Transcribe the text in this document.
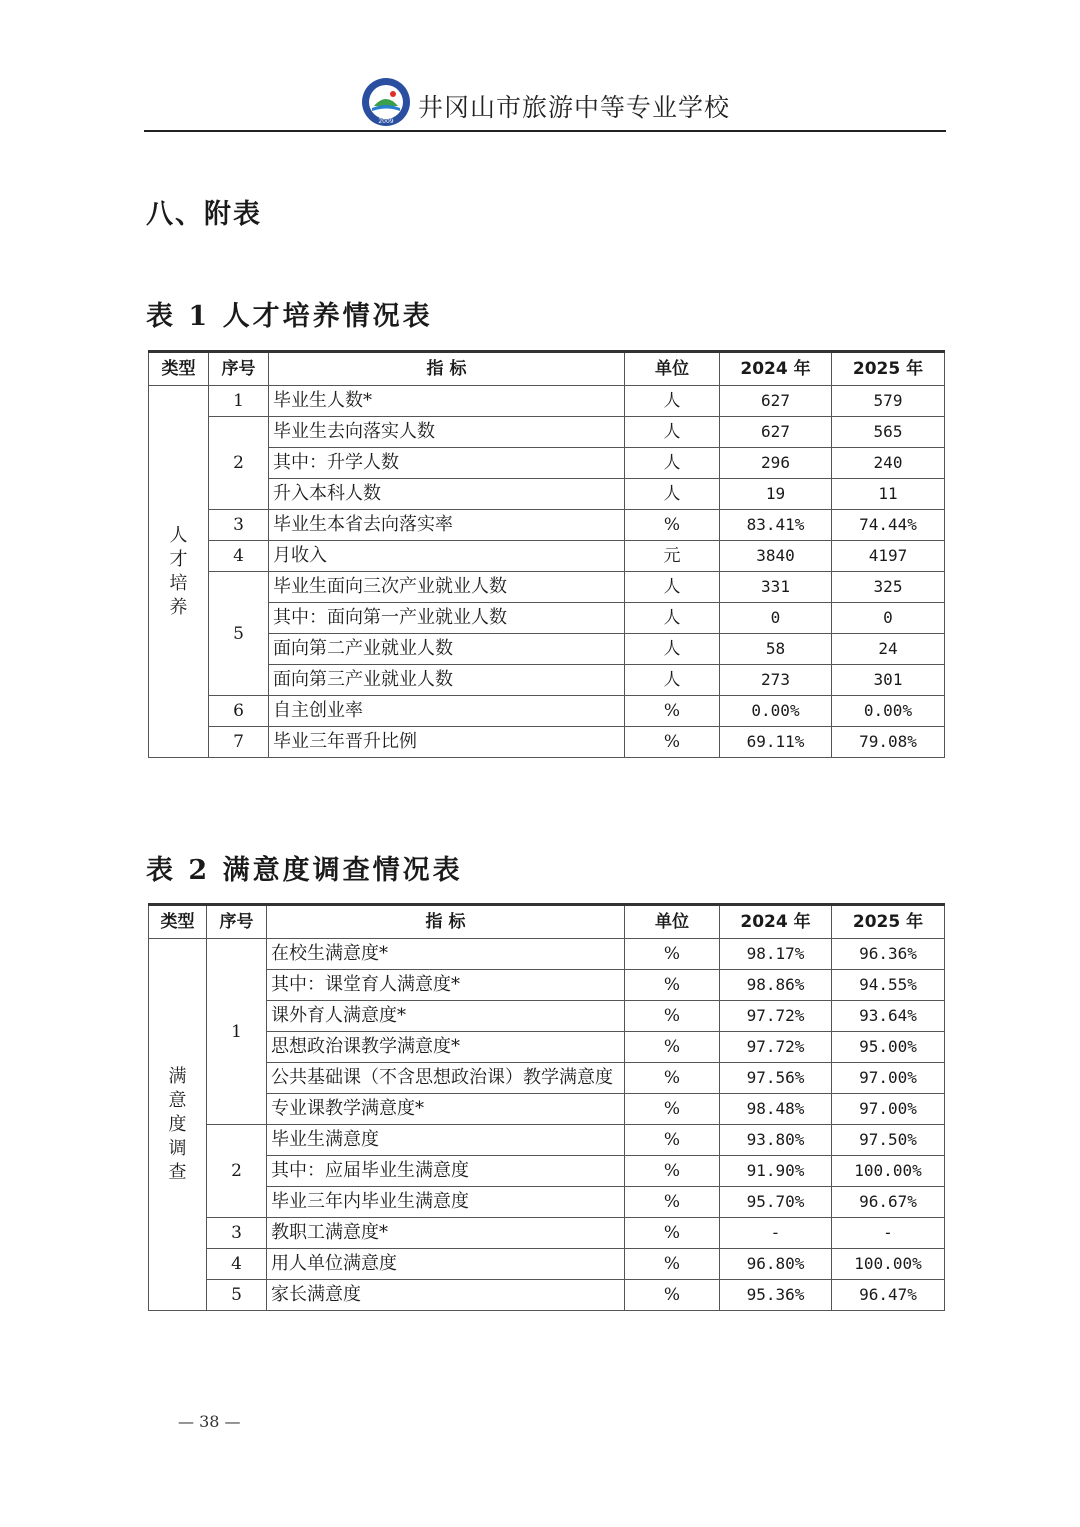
2009 井冈山市旅游中等专业学校
八、附表
表 1 人才培养情况表
类型	序号	指 标	单位	2024 年	2025 年
人才培养	1	毕业生人数*	人	627	579
	2	毕业生去向落实人数	人	627	565
		其中：升学人数	人	296	240
		升入本科人数	人	19	11
	3	毕业生本省去向落实率	%	83.41%	74.44%
	4	月收入	元	3840	4197
	5	毕业生面向三次产业就业人数	人	331	325
		其中：面向第一产业就业人数	人	0	0
		面向第二产业就业人数	人	58	24
		面向第三产业就业人数	人	273	301
	6	自主创业率	%	0.00%	0.00%
	7	毕业三年晋升比例	%	69.11%	79.08%
表 2 满意度调查情况表
类型	序号	指 标	单位	2024 年	2025 年
满意度调查	1	在校生满意度*	%	98.17%	96.36%
		其中：课堂育人满意度*	%	98.86%	94.55%
		课外育人满意度*	%	97.72%	93.64%
		思想政治课教学满意度*	%	97.72%	95.00%
		公共基础课（不含思想政治课）教学满意度	%	97.56%	97.00%
		专业课教学满意度*	%	98.48%	97.00%
	2	毕业生满意度	%	93.80%	97.50%
		其中：应届毕业生满意度	%	91.90%	100.00%
		毕业三年内毕业生满意度	%	95.70%	96.67%
	3	教职工满意度*	%	-	-
	4	用人单位满意度	%	96.80%	100.00%
	5	家长满意度	%	95.36%	96.47%
— 38 —
